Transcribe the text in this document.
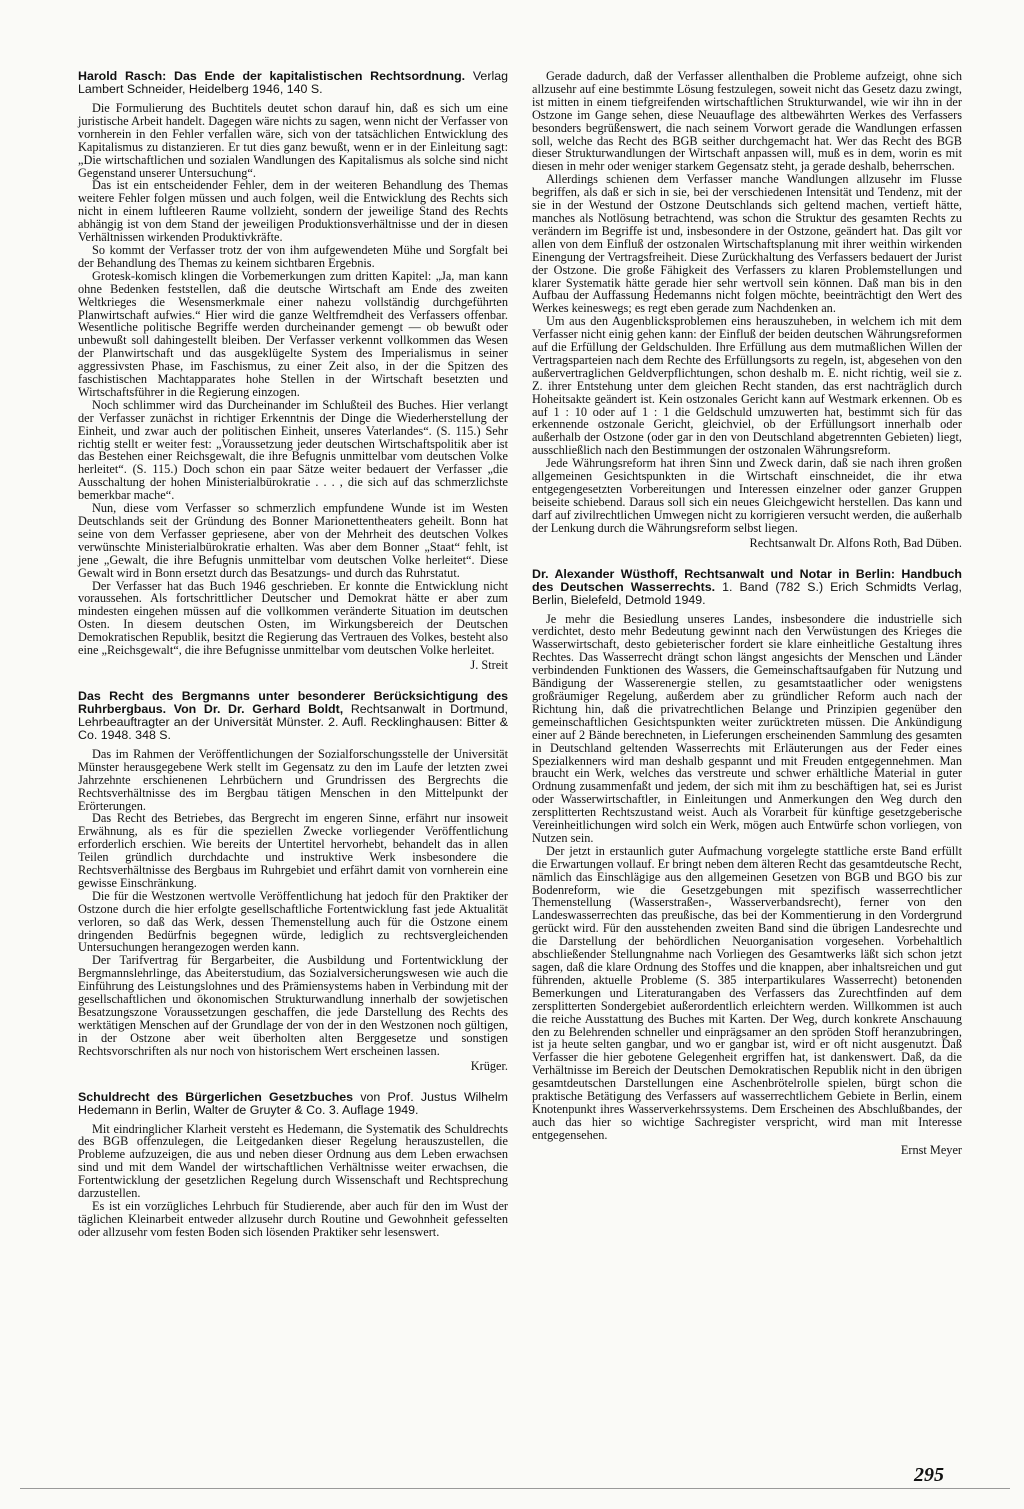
Harold Rasch: Das Ende der kapitalistischen Rechtsordnung. Verlag Lambert Schneider, Heidelberg 1946, 140 S.

Die Formulierung des Buchtitels deutet schon darauf hin, daß es sich um eine juristische Arbeit handelt. Dagegen wäre nichts zu sagen, wenn nicht der Verfasser von vornherein in den Fehler verfallen wäre, sich von der tatsächlichen Entwicklung des Kapitalismus zu distanzieren. Er tut dies ganz bewußt, wenn er in der Einleitung sagt: „Die wirtschaftlichen und sozialen Wandlungen des Kapitalismus als solche sind nicht Gegenstand unserer Untersuchung“.

Das ist ein entscheidender Fehler, dem in der weiteren Behandlung des Themas weitere Fehler folgen müssen und auch folgen, weil die Entwicklung des Rechts sich nicht in einem luftleeren Raume vollzieht, sondern der jeweilige Stand des Rechts abhängig ist von dem Stand der jeweiligen Produktionsverhältnisse und der in diesen Verhältnissen wirkenden Produktivkräfte.

So kommt der Verfasser trotz der von ihm aufgewendeten Mühe und Sorgfalt bei der Behandlung des Themas zu keinem sichtbaren Ergebnis.

Grotesk-komisch klingen die Vorbemerkungen zum dritten Kapitel: „Ja, man kann ohne Bedenken feststellen, daß die deutsche Wirtschaft am Ende des zweiten Weltkrieges die Wesensmerkmale einer nahezu vollständig durchgeführten Planwirtschaft aufwies.“ Hier wird die ganze Weltfremdheit des Verfassers offenbar. Wesentliche politische Begriffe werden durcheinander gemengt — ob bewußt oder unbewußt soll dahingestellt bleiben. Der Verfasser verkennt vollkommen das Wesen der Planwirtschaft und das ausgeklügelte System des Imperialismus in seiner aggressivsten Phase, im Faschismus, zu einer Zeit also, in der die Spitzen des faschistischen Machtapparates hohe Stellen in der Wirtschaft besetzten und Wirtschaftsführer in die Regierung einzogen.

Noch schlimmer wird das Durcheinander im Schlußteil des Buches. Hier verlangt der Verfasser zunächst in richtiger Erkenntnis der Dinge die Wiederherstellung der Einheit, und zwar auch der politischen Einheit, unseres Vaterlandes“. (S. 115.) Sehr richtig stellt er weiter fest: „Voraussetzung jeder deutschen Wirtschaftspolitik aber ist das Bestehen einer Reichsgewalt, die ihre Befugnis unmittelbar vom deutschen Volke herleitet“. (S. 115.) Doch schon ein paar Sätze weiter bedauert der Verfasser „die Ausschaltung der hohen Ministerialbürokratie . . . , die sich auf das schmerzlichste bemerkbar mache“.

Nun, diese vom Verfasser so schmerzlich empfundene Wunde ist im Westen Deutschlands seit der Gründung des Bonner Marionettentheaters geheilt. Bonn hat seine von dem Verfasser gepriesene, aber von der Mehrheit des deutschen Volkes verwünschte Ministerialbürokratie erhalten. Was aber dem Bonner „Staat“ fehlt, ist jene „Gewalt, die ihre Befugnis unmittelbar vom deutschen Volke herleitet“. Diese Gewalt wird in Bonn ersetzt durch das Besatzungs- und durch das Ruhrstatut.

Der Verfasser hat das Buch 1946 geschrieben. Er konnte die Entwicklung nicht voraussehen. Als fortschrittlicher Deutscher und Demokrat hätte er aber zum mindesten eingehen müssen auf die vollkommen veränderte Situation im deutschen Osten. In diesem deutschen Osten, im Wirkungsbereich der Deutschen Demokratischen Republik, besitzt die Regierung das Vertrauen des Volkes, besteht also eine „Reichsgewalt“, die ihre Befugnisse unmittelbar vom deutschen Volke herleitet.

J. Streit
Das Recht des Bergmanns unter besonderer Berücksichtigung des Ruhrbergbaus. Von Dr. Dr. Gerhard Boldt, Rechtsanwalt in Dortmund, Lehrbeauftragter an der Universität Münster. 2. Aufl. Recklinghausen: Bitter & Co. 1948. 348 S.

Das im Rahmen der Veröffentlichungen der Sozialforschungsstelle der Universität Münster herausgegebene Werk stellt im Gegensatz zu den im Laufe der letzten zwei Jahrzehnte erschienenen Lehrbüchern und Grundrissen des Bergrechts die Rechtsverhältnisse des im Bergbau tätigen Menschen in den Mittelpunkt der Erörterungen.

Das Recht des Betriebes, das Bergrecht im engeren Sinne, erfährt nur insoweit Erwähnung, als es für die speziellen Zwecke vorliegender Veröffentlichung erforderlich erschien. Wie bereits der Untertitel hervorhebt, behandelt das in allen Teilen gründlich durchdachte und instruktive Werk insbesondere die Rechtsverhältnisse des Bergbaus im Ruhrgebiet und erfährt damit von vornherein eine gewisse Einschränkung.

Die für die Westzonen wertvolle Veröffentlichung hat jedoch für den Praktiker der Ostzone durch die hier erfolgte gesellschaftliche Fortentwicklung fast jede Aktualität verloren, so daß das Werk, dessen Themenstellung auch für die Ostzone einem dringenden Bedürfnis begegnen würde, lediglich zu rechtsvergleichenden Untersuchungen herangezogen werden kann.

Der Tarifvertrag für Bergarbeiter, die Ausbildung und Fortentwicklung der Bergmannslehrlinge, das Abeiterstudium, das Sozialversicherungswesen wie auch die Einführung des Leistungslohnes und des Prämiensystems haben in Verbindung mit der gesellschaftlichen und ökonomischen Strukturwandlung innerhalb der sowjetischen Besatzungszone Voraussetzungen geschaffen, die jede Darstellung des Rechts des werktätigen Menschen auf der Grundlage der von der in den Westzonen noch gültigen, in der Ostzone aber weit überholten alten Berggesetze und sonstigen Rechtsvorschriften als nur noch von historischem Wert erscheinen lassen.

Krüger.
Schuldrecht des Bürgerlichen Gesetzbuches von Prof. Justus Wilhelm Hedemann in Berlin, Walter de Gruyter & Co. 3. Auflage 1949.

Mit eindringlicher Klarheit versteht es Hedemann, die Systematik des Schuldrechts des BGB offenzulegen, die Leitgedanken dieser Regelung herauszustellen, die Probleme aufzuzeigen, die aus und neben dieser Ordnung aus dem Leben erwachsen sind und mit dem Wandel der wirtschaftlichen Verhältnisse weiter erwachsen, die Fortentwicklung der gesetzlichen Regelung durch Wissenschaft und Rechtsprechung darzustellen.

Es ist ein vorzügliches Lehrbuch für Studierende, aber auch für den im Wust der täglichen Kleinarbeit entweder allzusehr durch Routine und Gewohnheit gefesselten oder allzusehr vom festen Boden sich lösenden Praktiker sehr lesenswert.

Gerade dadurch, daß der Verfasser allenthalben die Probleme aufzeigt, ohne sich allzusehr auf eine bestimmte Lösung festzulegen, soweit nicht das Gesetz dazu zwingt, ist mitten in einem tiefgreifenden wirtschaftlichen Strukturwandel, wie wir ihn in der Ostzone im Gange sehen, diese Neuauflage des altbewährten Werkes des Verfassers besonders begrüßenswert, die nach seinem Vorwort gerade die Wandlungen erfassen soll, welche das Recht des BGB seither durchgemacht hat. Wer das Recht des BGB dieser Strukturwandlungen der Wirtschaft anpassen will, muß es in dem, worin es mit diesen in mehr oder weniger starkem Gegensatz steht, ja gerade deshalb, beherrschen.

Allerdings schienen dem Verfasser manche Wandlungen allzusehr im Flusse begriffen, als daß er sich in sie, bei der verschiedenen Intensität und Tendenz, mit der sie in der Westund der Ostzone Deutschlands sich geltend machen, vertieft hätte, manches als Notlösung betrachtend, was schon die Struktur des gesamten Rechts zu verändern im Begriffe ist und, insbesondere in der Ostzone, geändert hat. Das gilt vor allen von dem Einfluß der ostzonalen Wirtschaftsplanung mit ihrer weithin wirkenden Einengung der Vertragsfreiheit. Diese Zurückhaltung des Verfassers bedauert der Jurist der Ostzone. Die große Fähigkeit des Verfassers zu klaren Problemstellungen und klarer Systematik hätte gerade hier sehr wertvoll sein können. Daß man bis in den Aufbau der Auffassung Hedemanns nicht folgen möchte, beeinträchtigt den Wert des Werkes keineswegs; es regt eben gerade zum Nachdenken an.

Um aus den Augenblicksproblemen eins herauszuheben, in welchem ich mit dem Verfasser nicht einig gehen kann: der Einfluß der beiden deutschen Währungsreformen auf die Erfüllung der Geldschulden. Ihre Erfüllung aus dem mutmaßlichen Willen der Vertragsparteien nach dem Rechte des Erfüllungsorts zu regeln, ist, abgesehen von den außervertraglichen Geldverpflichtungen, schon deshalb m. E. nicht richtig, weil sie z. Z. ihrer Entstehung unter dem gleichen Recht standen, das erst nachträglich durch Hoheitsakte geändert ist. Kein ostzonales Gericht kann auf Westmark erkennen. Ob es auf 1 : 10 oder auf 1 : 1 die Geldschuld umzuwerten hat, bestimmt sich für das erkennende ostzonale Gericht, gleichviel, ob der Erfüllungsort innerhalb oder außerhalb der Ostzone (oder gar in den von Deutschland abgetrennten Gebieten) liegt, ausschließlich nach den Bestimmungen der ostzonalen Währungsreform.

Jede Währungsreform hat ihren Sinn und Zweck darin, daß sie nach ihren großen allgemeinen Gesichtspunkten in die Wirtschaft einschneidet, die ihr etwa entgegengesetzten Vorbereitungen und Interessen einzelner oder ganzer Gruppen beiseite schiebend. Daraus soll sich ein neues Gleichgewicht herstellen. Das kann und darf auf zivilrechtlichen Umwegen nicht zu korrigieren versucht werden, die außerhalb der Lenkung durch die Währungsreform selbst liegen.

Rechtsanwalt Dr. Alfons Roth, Bad Düben.
Dr. Alexander Wüsthoff, Rechtsanwalt und Notar in Berlin: Handbuch des Deutschen Wasserrechts. 1. Band (782 S.) Erich Schmidts Verlag, Berlin, Bielefeld, Detmold 1949.

Je mehr die Besiedlung unseres Landes, insbesondere die industrielle sich verdichtet, desto mehr Bedeutung gewinnt nach den Verwüstungen des Krieges die Wasserwirtschaft, desto gebieterischer fordert sie klare einheitliche Gestaltung ihres Rechtes. Das Wasserrecht drängt schon längst angesichts der Menschen und Länder verbindenden Funktionen des Wassers, die Gemeinschaftsaufgaben für Nutzung und Bändigung der Wasserenergie stellen, zu gesamtstaatlicher oder wenigstens großräumiger Regelung, außerdem aber zu gründlicher Reform auch nach der Richtung hin, daß die privatrechtlichen Belange und Prinzipien gegenüber den gemeinschaftlichen Gesichtspunkten weiter zurücktreten müssen. Die Ankündigung einer auf 2 Bände berechneten, in Lieferungen erscheinenden Sammlung des gesamten in Deutschland geltenden Wasserrechts mit Erläuterungen aus der Feder eines Spezialkenners wird man deshalb gespannt und mit Freuden entgegennehmen. Man braucht ein Werk, welches das verstreute und schwer erhältliche Material in guter Ordnung zusammenfaßt und jedem, der sich mit ihm zu beschäftigen hat, sei es Jurist oder Wasserwirtschaftler, in Einleitungen und Anmerkungen den Weg durch den zersplitterten Rechtszustand weist. Auch als Vorarbeit für künftige gesetzgeberische Vereinheitlichungen wird solch ein Werk, mögen auch Entwürfe schon vorliegen, von Nutzen sein.

Der jetzt in erstaunlich guter Aufmachung vorgelegte stattliche erste Band erfüllt die Erwartungen vollauf. Er bringt neben dem älteren Recht das gesamtdeutsche Recht, nämlich das Einschlägige aus den allgemeinen Gesetzen von BGB und BGO bis zur Bodenreform, wie die Gesetzgebungen mit spezifisch wasserrechtlicher Themenstellung (Wasserstraßen-, Wasserverbandsrecht), ferner von den Landeswasserrechten das preußische, das bei der Kommentierung in den Vordergrund gerückt wird. Für den ausstehenden zweiten Band sind die übrigen Landesrechte und die Darstellung der behördlichen Neuorganisation vorgesehen. Vorbehaltlich abschließender Stellungnahme nach Vorliegen des Gesamtwerks läßt sich schon jetzt sagen, daß die klare Ordnung des Stoffes und die knappen, aber inhaltsreichen und gut führenden, aktuelle Probleme (S. 385 interpartikulares Wasserrecht) betonenden Bemerkungen und Literaturangaben des Verfassers das Zurechtfinden auf dem zersplitterten Sondergebiet außerordentlich erleichtern werden. Willkommen ist auch die reiche Ausstattung des Buches mit Karten. Der Weg, durch konkrete Anschauung den zu Belehrenden schneller und einprägsamer an den spröden Stoff heranzubringen, ist ja heute selten gangbar, und wo er gangbar ist, wird er oft nicht ausgenutzt. Daß Verfasser die hier gebotene Gelegenheit ergriffen hat, ist dankenswert. Daß, da die Verhältnisse im Bereich der Deutschen Demokratischen Republik nicht in den übrigen gesamtdeutschen Darstellungen eine Aschenbrötelrolle spielen, bürgt schon die praktische Betätigung des Verfassers auf wasserrechtlichem Gebiete in Berlin, einem Knotenpunkt ihres Wasserverkehrssystems. Dem Erscheinen des Abschlußbandes, der auch das hier so wichtige Sachregister verspricht, wird man mit Interesse entgegensehen.

Ernst Meyer
295
